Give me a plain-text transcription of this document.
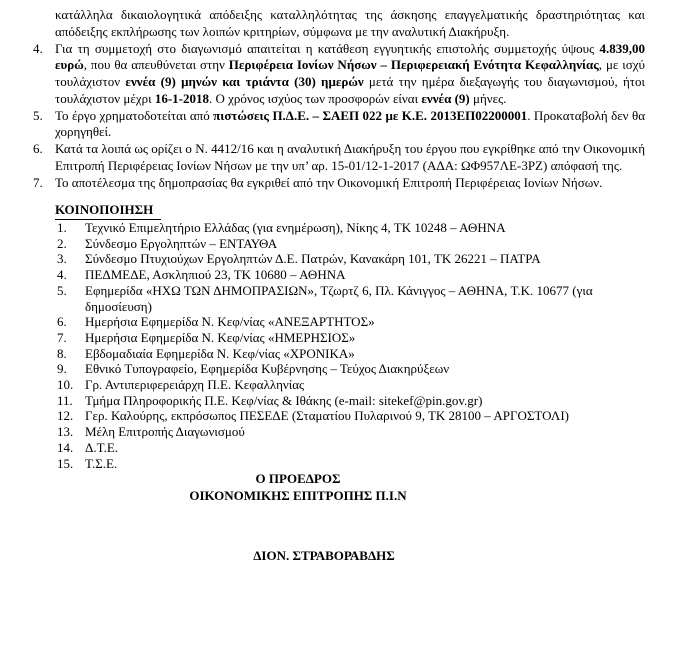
κατάλληλα δικαιολογητικά απόδειξης καταλληλότητας της άσκησης επαγγελματικής δραστηριότητας και απόδειξης εκπλήρωσης των λοιπών κριτηρίων, σύμφωνα με την αναλυτική Διακήρυξη.
4. Για τη συμμετοχή στο διαγωνισμό απαιτείται η κατάθεση εγγυητικής επιστολής συμμετοχής ύψους 4.839,00 ευρώ, που θα απευθύνεται στην Περιφέρεια Ιονίων Νήσων – Περιφερειακή Ενότητα Κεφαλληνίας, με ισχύ τουλάχιστον εννέα (9) μηνών και τριάντα (30) ημερών μετά την ημέρα διεξαγωγής του διαγωνισμού, ήτοι τουλάχιστον μέχρι 16-1-2018. Ο χρόνος ισχύος των προσφορών είναι εννέα (9) μήνες.
5. Το έργο χρηματοδοτείται από πιστώσεις Π.Δ.Ε. – ΣΑΕΠ 022 με Κ.Ε. 2013ΕΠ02200001. Προκαταβολή δεν θα χορηγηθεί.
6. Κατά τα λοιπά ως ορίζει ο Ν. 4412/16 και η αναλυτική Διακήρυξη του έργου που εγκρίθηκε από την Οικονομική Επιτροπή Περιφέρειας Ιονίων Νήσων με την υπ’ αρ. 15-01/12-1-2017 (ΑΔΑ: ΩΦ957ΛΕ-3PZ) απόφασή της.
7. Το αποτέλεσμα της δημοπρασίας θα εγκριθεί από την Οικονομική Επιτροπή Περιφέρειας Ιονίων Νήσων.
ΚΟΙΝΟΠΟΙΗΣΗ
1. Τεχνικό Επιμελητήριο Ελλάδας (για ενημέρωση), Νίκης 4, ΤΚ 10248 – ΑΘΗΝΑ
2. Σύνδεσμο Εργοληπτών – ΕΝΤΑΥΘΑ
3. Σύνδεσμο Πτυχιούχων Εργοληπτών Δ.Ε. Πατρών, Κανακάρη 101, ΤΚ 26221 – ΠΑΤΡΑ
4. ΠΕΔΜΕΔΕ, Ασκληπιού 23, ΤΚ 10680 – ΑΘΗΝΑ
5. Εφημερίδα «ΗΧΩ ΤΩΝ ΔΗΜΟΠΡΑΣΙΩΝ», Τζωρτζ 6, Πλ. Κάνιγγος – ΑΘΗΝΑ, Τ.Κ. 10677 (για δημοσίευση)
6. Ημερήσια Εφημερίδα Ν. Κεφ/νίας «ΑΝΕΞΑΡΤΗΤΟΣ»
7. Ημερήσια Εφημερίδα Ν. Κεφ/νίας «ΗΜΕΡΗΣΙΟΣ»
8. Εβδομαδιαία Εφημερίδα Ν. Κεφ/νίας «ΧΡΟΝΙΚΑ»
9. Εθνικό Τυπογραφείο, Εφημερίδα Κυβέρνησης – Τεύχος Διακηρύξεων
10. Γρ. Αντιπεριφερειάρχη Π.Ε. Κεφαλληνίας
11. Τμήμα Πληροφορικής Π.Ε. Κεφ/νίας & Ιθάκης (e-mail: sitekef@pin.gov.gr)
12. Γερ. Καλούρης, εκπρόσωπος ΠΕΣΕΔΕ (Σταματίου Πυλαρινού 9, ΤΚ 28100 – ΑΡΓΟΣΤΟΛΙ)
13. Μέλη Επιτροπής Διαγωνισμού
14. Δ.Τ.Ε.
15. Τ.Σ.Ε.
Ο ΠΡΟΕΔΡΟΣ
ΟΙΚΟΝΟΜΙΚΗΣ ΕΠΙΤΡΟΠΗΣ Π.Ι.Ν
ΔΙΟΝ. ΣΤΡΑΒΟΡΑΒΔΗΣ
